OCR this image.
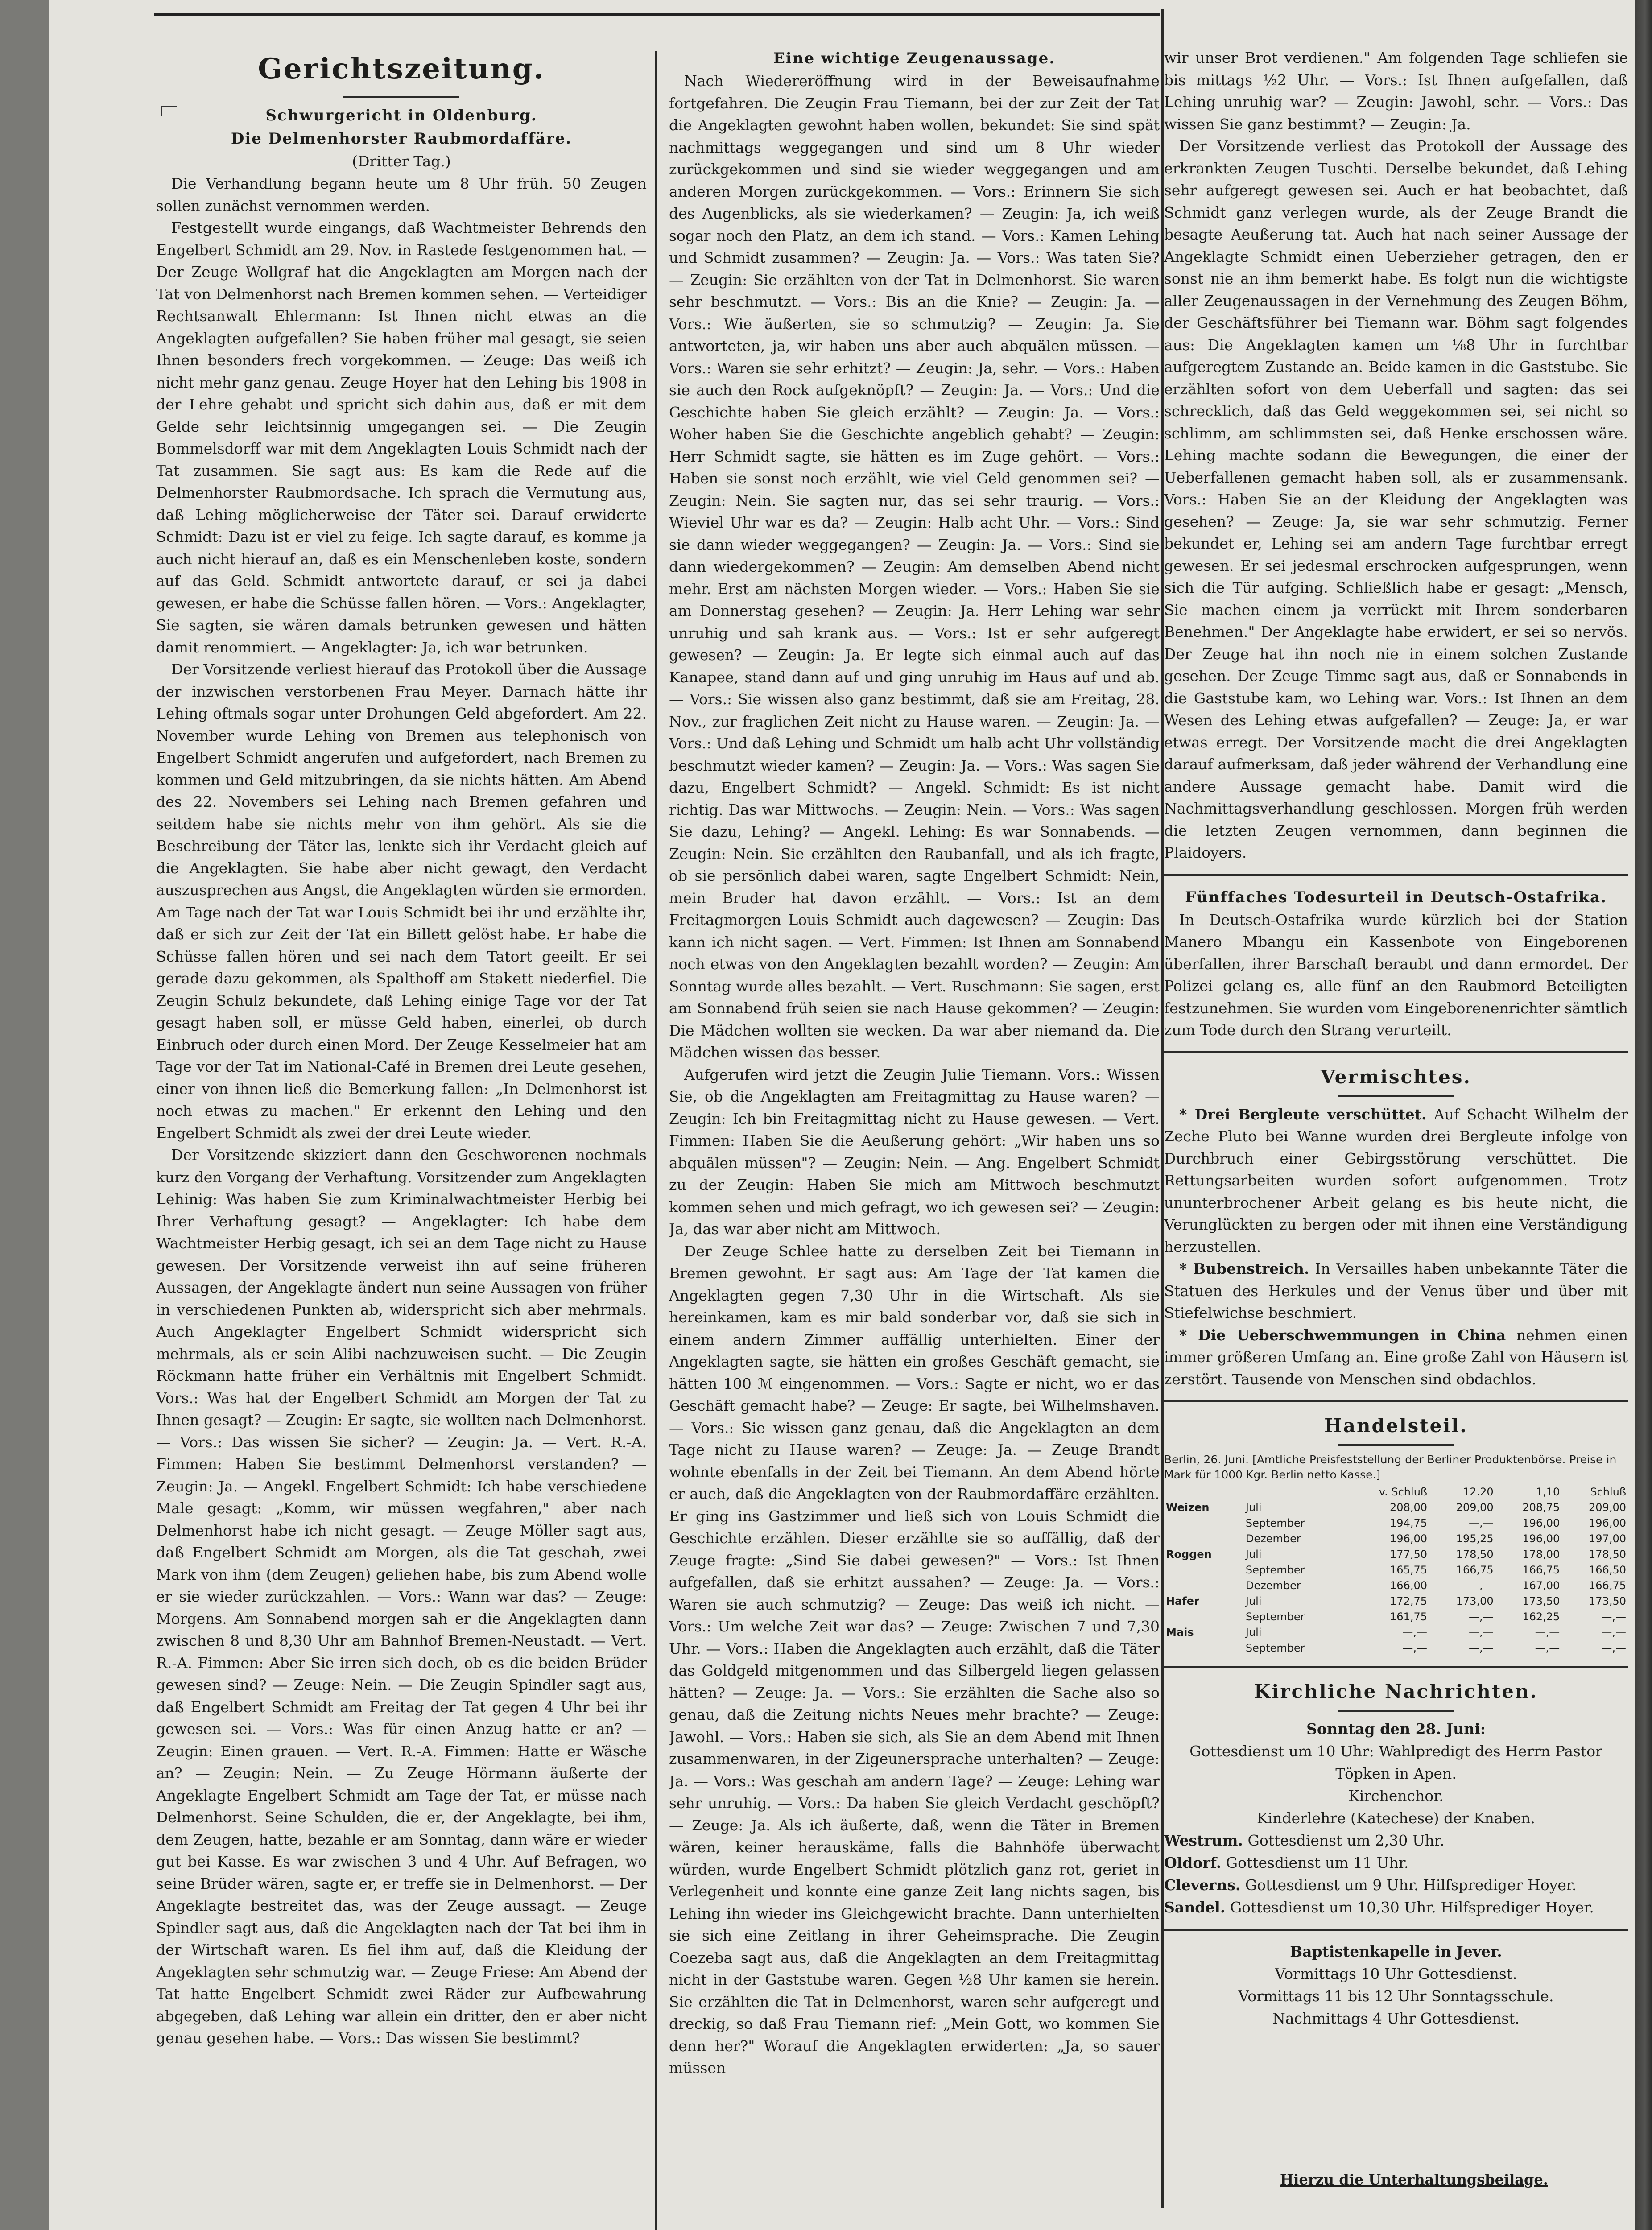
Gerichtszeitung.
Schwurgericht in Oldenburg.
Die Delmenhorster Raubmordaffäre.
(Dritter Tag.)

Die Verhandlung begann heute um 8 Uhr früh. 50 Zeugen sollen zunächst vernommen werden.

Festgestellt wurde eingangs, daß Wachtmeister Behrends den Engelbert Schmidt am 29. Nov. in Rastede festgenommen hat. — Der Zeuge Wollgraf hat die Angeklagten am Morgen nach der Tat von Delmenhorst nach Bremen kommen sehen. — Verteidiger Rechtsanwalt Ehlermann: Ist Ihnen nicht etwas an die Angeklagten aufgefallen? Sie haben früher mal gesagt, sie seien Ihnen besonders frech vorgekommen. — Zeuge: Das weiß ich nicht mehr ganz genau. Zeuge Hoyer hat den Lehing bis 1908 in der Lehre gehabt und spricht sich dahin aus, daß er mit dem Gelde sehr leichtsinnig umgegangen sei. — Die Zeugin Bommelsdorff war mit dem Angeklagten Louis Schmidt nach der Tat zusammen. Sie sagt aus: Es kam die Rede auf die Delmenhorster Raubmordsache. Ich sprach die Vermutung aus, daß Lehing möglicherweise der Täter sei. Darauf erwiderte Schmidt: Dazu ist er viel zu feige. Ich sagte darauf, es komme ja auch nicht hierauf an, daß es ein Menschenleben koste, sondern auf das Geld. Schmidt antwortete darauf, er sei ja dabei gewesen, er habe die Schüsse fallen hören. — Vors.: Angeklagter, Sie sagten, sie wären damals betrunken gewesen und hätten damit renommiert. — Angeklagter: Ja, ich war betrunken.

Der Vorsitzende verliest hierauf das Protokoll über die Aussage der inzwischen verstorbenen Frau Meyer. Darnach hätte ihr Lehing oftmals sogar unter Drohungen Geld abgefordert. Am 22. November wurde Lehing von Bremen aus telephonisch von Engelbert Schmidt angerufen und aufgefordert, nach Bremen zu kommen und Geld mitzubringen, da sie nichts hätten. Am Abend des 22. Novembers sei Lehing nach Bremen gefahren und seitdem habe sie nichts mehr von ihm gehört. Als sie die Beschreibung der Täter las, lenkte sich ihr Verdacht gleich auf die Angeklagten. Sie habe aber nicht gewagt, den Verdacht auszusprechen aus Angst, die Angeklagten würden sie ermorden. Am Tage nach der Tat war Louis Schmidt bei ihr und erzählte ihr, daß er sich zur Zeit der Tat ein Billett gelöst habe. Er habe die Schüsse fallen hören und sei nach dem Tatort geeilt. Er sei gerade dazu gekommen, als Spalthoff am Stakett niederfiel. Die Zeugin Schulz bekundete, daß Lehing einige Tage vor der Tat gesagt haben soll, er müsse Geld haben, einerlei, ob durch Einbruch oder durch einen Mord. Der Zeuge Kesselmeier hat am Tage vor der Tat im National-Café in Bremen drei Leute gesehen, einer von ihnen ließ die Bemerkung fallen: „In Delmenhorst ist noch etwas zu machen." Er erkennt den Lehing und den Engelbert Schmidt als zwei der drei Leute wieder.

Der Vorsitzende skizziert dann den Geschworenen nochmals kurz den Vorgang der Verhaftung. Vorsitzender zum Angeklagten Lehinig: Was haben Sie zum Kriminalwachtmeister Herbig bei Ihrer Verhaftung gesagt? — Angeklagter: Ich habe dem Wachtmeister Herbig gesagt, ich sei an dem Tage nicht zu Hause gewesen. Der Vorsitzende verweist ihn auf seine früheren Aussagen, der Angeklagte ändert nun seine Aussagen von früher in verschiedenen Punkten ab, widerspricht sich aber mehrmals. Auch Angeklagter Engelbert Schmidt widerspricht sich mehrmals, als er sein Alibi nachzuweisen sucht. — Die Zeugin Röckmann hatte früher ein Verhältnis mit Engelbert Schmidt. Vors.: Was hat der Engelbert Schmidt am Morgen der Tat zu Ihnen gesagt? — Zeugin: Er sagte, sie wollten nach Delmenhorst. — Vors.: Das wissen Sie sicher? — Zeugin: Ja. — Vert. R.-A. Fimmen: Haben Sie bestimmt Delmenhorst verstanden? — Zeugin: Ja. — Angekl. Engelbert Schmidt: Ich habe verschiedene Male gesagt: „Komm, wir müssen wegfahren," aber nach Delmenhorst habe ich nicht gesagt. — Zeuge Möller sagt aus, daß Engelbert Schmidt am Morgen, als die Tat geschah, zwei Mark von ihm (dem Zeugen) geliehen habe, bis zum Abend wolle er sie wieder zurückzahlen. — Vors.: Wann war das? — Zeuge: Morgens. Am Sonnabend morgen sah er die Angeklagten dann zwischen 8 und 8,30 Uhr am Bahnhof Bremen-Neustadt. — Vert. R.-A. Fimmen: Aber Sie irren sich doch, ob es die beiden Brüder gewesen sind? — Zeuge: Nein. — Die Zeugin Spindler sagt aus, daß Engelbert Schmidt am Freitag der Tat gegen 4 Uhr bei ihr gewesen sei. — Vors.: Was für einen Anzug hatte er an? — Zeugin: Einen grauen. — Vert. R.-A. Fimmen: Hatte er Wäsche an? — Zeugin: Nein. — Zu Zeuge Hörmann äußerte der Angeklagte Engelbert Schmidt am Tage der Tat, er müsse nach Delmenhorst. Seine Schulden, die er, der Angeklagte, bei ihm, dem Zeugen, hatte, bezahle er am Sonntag, dann wäre er wieder gut bei Kasse. Es war zwischen 3 und 4 Uhr. Auf Befragen, wo seine Brüder wären, sagte er, er treffe sie in Delmenhorst. — Der Angeklagte bestreitet das, was der Zeuge aussagt. — Zeuge Spindler sagt aus, daß die Angeklagten nach der Tat bei ihm in der Wirtschaft waren. Es fiel ihm auf, daß die Kleidung der Angeklagten sehr schmutzig war. — Zeuge Friese: Am Abend der Tat hatte Engelbert Schmidt zwei Räder zur Aufbewahrung abgegeben, daß Lehing war allein ein dritter, den er aber nicht genau gesehen habe. — Vors.: Das wissen Sie bestimmt?

Eine wichtige Zeugenaussage.

Nach Wiedereröffnung wird in der Beweisaufnahme fortgefahren. Die Zeugin Frau Tiemann, bei der zur Zeit der Tat die Angeklagten gewohnt haben wollen, bekundet: Sie sind spät nachmittags weggegangen und sind um 8 Uhr wieder zurückgekommen und sind sie wieder weggegangen und am anderen Morgen zurückgekommen. — Vors.: Erinnern Sie sich des Augenblicks, als sie wiederkamen? — Zeugin: Ja, ich weiß sogar noch den Platz, an dem ich stand. — Vors.: Kamen Lehing und Schmidt zusammen? — Zeugin: Ja. — Vors.: Was taten Sie? — Zeugin: Sie erzählten von der Tat in Delmenhorst. Sie waren sehr beschmutzt. — Vors.: Bis an die Knie? — Zeugin: Ja. — Vors.: Wie äußerten, sie so schmutzig? — Zeugin: Ja. Sie antworteten, ja, wir haben uns aber auch abquälen müssen. — Vors.: Waren sie sehr erhitzt? — Zeugin: Ja, sehr. — Vors.: Haben sie auch den Rock aufgeknöpft? — Zeugin: Ja. — Vors.: Und die Geschichte haben Sie gleich erzählt? — Zeugin: Ja. — Vors.: Woher haben Sie die Geschichte angeblich gehabt? — Zeugin: Herr Schmidt sagte, sie hätten es im Zuge gehört. — Vors.: Haben sie sonst noch erzählt, wie viel Geld genommen sei? — Zeugin: Nein. Sie sagten nur, das sei sehr traurig. — Vors.: Wieviel Uhr war es da? — Zeugin: Halb acht Uhr. — Vors.: Sind sie dann wieder weggegangen? — Zeugin: Ja. — Vors.: Sind sie dann wiedergekommen? — Zeugin: Am demselben Abend nicht mehr. Erst am nächsten Morgen wieder. — Vors.: Haben Sie sie am Donnerstag gesehen? — Zeugin: Ja. Herr Lehing war sehr unruhig und sah krank aus. — Vors.: Ist er sehr aufgeregt gewesen? — Zeugin: Ja. Er legte sich einmal auch auf das Kanapee, stand dann auf und ging unruhig im Haus auf und ab. — Vors.: Sie wissen also ganz bestimmt, daß sie am Freitag, 28. Nov., zur fraglichen Zeit nicht zu Hause waren. — Zeugin: Ja. — Vors.: Und daß Lehing und Schmidt um halb acht Uhr vollständig beschmutzt wieder kamen? — Zeugin: Ja. — Vors.: Was sagen Sie dazu, Engelbert Schmidt? — Angekl. Schmidt: Es ist nicht richtig. Das war Mittwochs. — Zeugin: Nein. — Vors.: Was sagen Sie dazu, Lehing? — Angekl. Lehing: Es war Sonnabends. — Zeugin: Nein. Sie erzählten den Raubanfall, und als ich fragte, ob sie persönlich dabei waren, sagte Engelbert Schmidt: Nein, mein Bruder hat davon erzählt. — Vors.: Ist an dem Freitagmorgen Louis Schmidt auch dagewesen? — Zeugin: Das kann ich nicht sagen. — Vert. Fimmen: Ist Ihnen am Sonnabend noch etwas von den Angeklagten bezahlt worden? — Zeugin: Am Sonntag wurde alles bezahlt. — Vert. Ruschmann: Sie sagen, erst am Sonnabend früh seien sie nach Hause gekommen? — Zeugin: Die Mädchen wollten sie wecken. Da war aber niemand da. Die Mädchen wissen das besser.

Aufgerufen wird jetzt die Zeugin Julie Tiemann. Vors.: Wissen Sie, ob die Angeklagten am Freitagmittag zu Hause waren? — Zeugin: Ich bin Freitagmittag nicht zu Hause gewesen. — Vert. Fimmen: Haben Sie die Aeußerung gehört: „Wir haben uns so abquälen müssen"? — Zeugin: Nein. — Ang. Engelbert Schmidt zu der Zeugin: Haben Sie mich am Mittwoch beschmutzt kommen sehen und mich gefragt, wo ich gewesen sei? — Zeugin: Ja, das war aber nicht am Mittwoch.

Der Zeuge Schlee hatte zu derselben Zeit bei Tiemann in Bremen gewohnt. Er sagt aus: Am Tage der Tat kamen die Angeklagten gegen 7,30 Uhr in die Wirtschaft. Als sie hereinkamen, kam es mir bald sonderbar vor, daß sie sich in einem andern Zimmer auffällig unterhielten. Einer der Angeklagten sagte, sie hätten ein großes Geschäft gemacht, sie hätten 100 ℳ eingenommen. — Vors.: Sagte er nicht, wo er das Geschäft gemacht habe? — Zeuge: Er sagte, bei Wilhelmshaven. — Vors.: Sie wissen ganz genau, daß die Angeklagten an dem Tage nicht zu Hause waren? — Zeuge: Ja. — Zeuge Brandt wohnte ebenfalls in der Zeit bei Tiemann. An dem Abend hörte er auch, daß die Angeklagten von der Raubmordaffäre erzählten. Er ging ins Gastzimmer und ließ sich von Louis Schmidt die Geschichte erzählen. Dieser erzählte sie so auffällig, daß der Zeuge fragte: „Sind Sie dabei gewesen?" — Vors.: Ist Ihnen aufgefallen, daß sie erhitzt aussahen? — Zeuge: Ja. — Vors.: Waren sie auch schmutzig? — Zeuge: Das weiß ich nicht. — Vors.: Um welche Zeit war das? — Zeuge: Zwischen 7 und 7,30 Uhr. — Vors.: Haben die Angeklagten auch erzählt, daß die Täter das Goldgeld mitgenommen und das Silbergeld liegen gelassen hätten? — Zeuge: Ja. — Vors.: Sie erzählten die Sache also so genau, daß die Zeitung nichts Neues mehr brachte? — Zeuge: Jawohl. — Vors.: Haben sie sich, als Sie an dem Abend mit Ihnen zusammenwaren, in der Zigeunersprache unterhalten? — Zeuge: Ja. — Vors.: Was geschah am andern Tage? — Zeuge: Lehing war sehr unruhig. — Vors.: Da haben Sie gleich Verdacht geschöpft? — Zeuge: Ja. Als ich äußerte, daß, wenn die Täter in Bremen wären, keiner herauskäme, falls die Bahnhöfe überwacht würden, wurde Engelbert Schmidt plötzlich ganz rot, geriet in Verlegenheit und konnte eine ganze Zeit lang nichts sagen, bis Lehing ihn wieder ins Gleichgewicht brachte. Dann unterhielten sie sich eine Zeitlang in ihrer Geheimsprache. Die Zeugin Coezeba sagt aus, daß die Angeklagten an dem Freitagmittag nicht in der Gaststube waren. Gegen ½8 Uhr kamen sie herein. Sie erzählten die Tat in Delmenhorst, waren sehr aufgeregt und dreckig, so daß Frau Tiemann rief: „Mein Gott, wo kommen Sie denn her?" Worauf die Angeklagten erwiderten: „Ja, so sauer müssen

wir unser Brot verdienen." Am folgenden Tage schliefen sie bis mittags ½2 Uhr. — Vors.: Ist Ihnen aufgefallen, daß Lehing unruhig war? — Zeugin: Jawohl, sehr. — Vors.: Das wissen Sie ganz bestimmt? — Zeugin: Ja.

Der Vorsitzende verliest das Protokoll der Aussage des erkrankten Zeugen Tuschti. Derselbe bekundet, daß Lehing sehr aufgeregt gewesen sei. Auch er hat beobachtet, daß Schmidt ganz verlegen wurde, als der Zeuge Brandt die besagte Aeußerung tat. Auch hat nach seiner Aussage der Angeklagte Schmidt einen Ueberzieher getragen, den er sonst nie an ihm bemerkt habe. Es folgt nun die wichtigste aller Zeugenaussagen in der Vernehmung des Zeugen Böhm, der Geschäftsführer bei Tiemann war. Böhm sagt folgendes aus: Die Angeklagten kamen um ⅛8 Uhr in furchtbar aufgeregtem Zustande an. Beide kamen in die Gaststube. Sie erzählten sofort von dem Ueberfall und sagten: das sei schrecklich, daß das Geld weggekommen sei, sei nicht so schlimm, am schlimmsten sei, daß Henke erschossen wäre. Lehing machte sodann die Bewegungen, die einer der Ueberfallenen gemacht haben soll, als er zusammensank. Vors.: Haben Sie an der Kleidung der Angeklagten was gesehen? — Zeuge: Ja, sie war sehr schmutzig. Ferner bekundet er, Lehing sei am andern Tage furchtbar erregt gewesen. Er sei jedesmal erschrocken aufgesprungen, wenn sich die Tür aufging. Schließlich habe er gesagt: „Mensch, Sie machen einem ja verrückt mit Ihrem sonderbaren Benehmen." Der Angeklagte habe erwidert, er sei so nervös. Der Zeuge hat ihn noch nie in einem solchen Zustande gesehen. Der Zeuge Timme sagt aus, daß er Sonnabends in die Gaststube kam, wo Lehing war. Vors.: Ist Ihnen an dem Wesen des Lehing etwas aufgefallen? — Zeuge: Ja, er war etwas erregt. Der Vorsitzende macht die drei Angeklagten darauf aufmerksam, daß jeder während der Verhandlung eine andere Aussage gemacht habe. Damit wird die Nachmittagsverhandlung geschlossen. Morgen früh werden die letzten Zeugen vernommen, dann beginnen die Plaidoyers.

Fünffaches Todesurteil in Deutsch-Ostafrika.

In Deutsch-Ostafrika wurde kürzlich bei der Station Manero Mbangu ein Kassenbote von Eingeborenen überfallen, ihrer Barschaft beraubt und dann ermordet. Der Polizei gelang es, alle fünf an den Raubmord Beteiligten festzunehmen. Sie wurden vom Eingeborenenrichter sämtlich zum Tode durch den Strang verurteilt.

Vermischtes.

* Drei Bergleute verschüttet. Auf Schacht Wilhelm der Zeche Pluto bei Wanne wurden drei Bergleute infolge von Durchbruch einer Gebirgsstörung verschüttet. Die Rettungsarbeiten wurden sofort aufgenommen. Trotz ununterbrochener Arbeit gelang es bis heute nicht, die Verunglückten zu bergen oder mit ihnen eine Verständigung herzustellen.

* Bubenstreich. In Versailles haben unbekannte Täter die Statuen des Herkules und der Venus über und über mit Stiefelwichse beschmiert.

* Die Ueberschwemmungen in China nehmen einen immer größeren Umfang an. Eine große Zahl von Häusern ist zerstört. Tausende von Menschen sind obdachlos.

Handelsteil.
Berlin, 26. Juni. [Amtliche Preisfeststellung der Berliner Produktenbörse. Preise in Mark für 1000 Kgr. Berlin netto Kasse.]
		v. Schluß	12.20	1,10	Schluß
Weizen	Juli	208,00	209,00	208,75	209,00
	September	194,75	—,—	196,00	196,00
	Dezember	196,00	195,25	196,00	197,00
Roggen	Juli	177,50	178,50	178,00	178,50
	September	165,75	166,75	166,75	166,50
	Dezember	166,00	—,—	167,00	166,75
Hafer	Juli	172,75	173,00	173,50	173,50
	September	161,75	—,—	162,25	—,—
Mais	Juli	—,—	—,—	—,—	—,—
	September	—,—	—,—	—,—	—,—
Kirchliche Nachrichten.

Sonntag den 28. Juni:

Gottesdienst um 10 Uhr: Wahlpredigt des Herrn Pastor Töpken in Apen.

Kirchenchor.

Kinderlehre (Katechese) der Knaben.

Westrum. Gottesdienst um 2,30 Uhr.

Oldorf. Gottesdienst um 11 Uhr.

Cleverns. Gottesdienst um 9 Uhr. Hilfsprediger Hoyer.

Sandel. Gottesdienst um 10,30 Uhr. Hilfsprediger Hoyer.

Baptistenkapelle in Jever.

Vormittags 10 Uhr Gottesdienst.

Vormittags 11 bis 12 Uhr Sonntagsschule.

Nachmittags 4 Uhr Gottesdienst.

Hierzu die Unterhaltungsbeilage.
